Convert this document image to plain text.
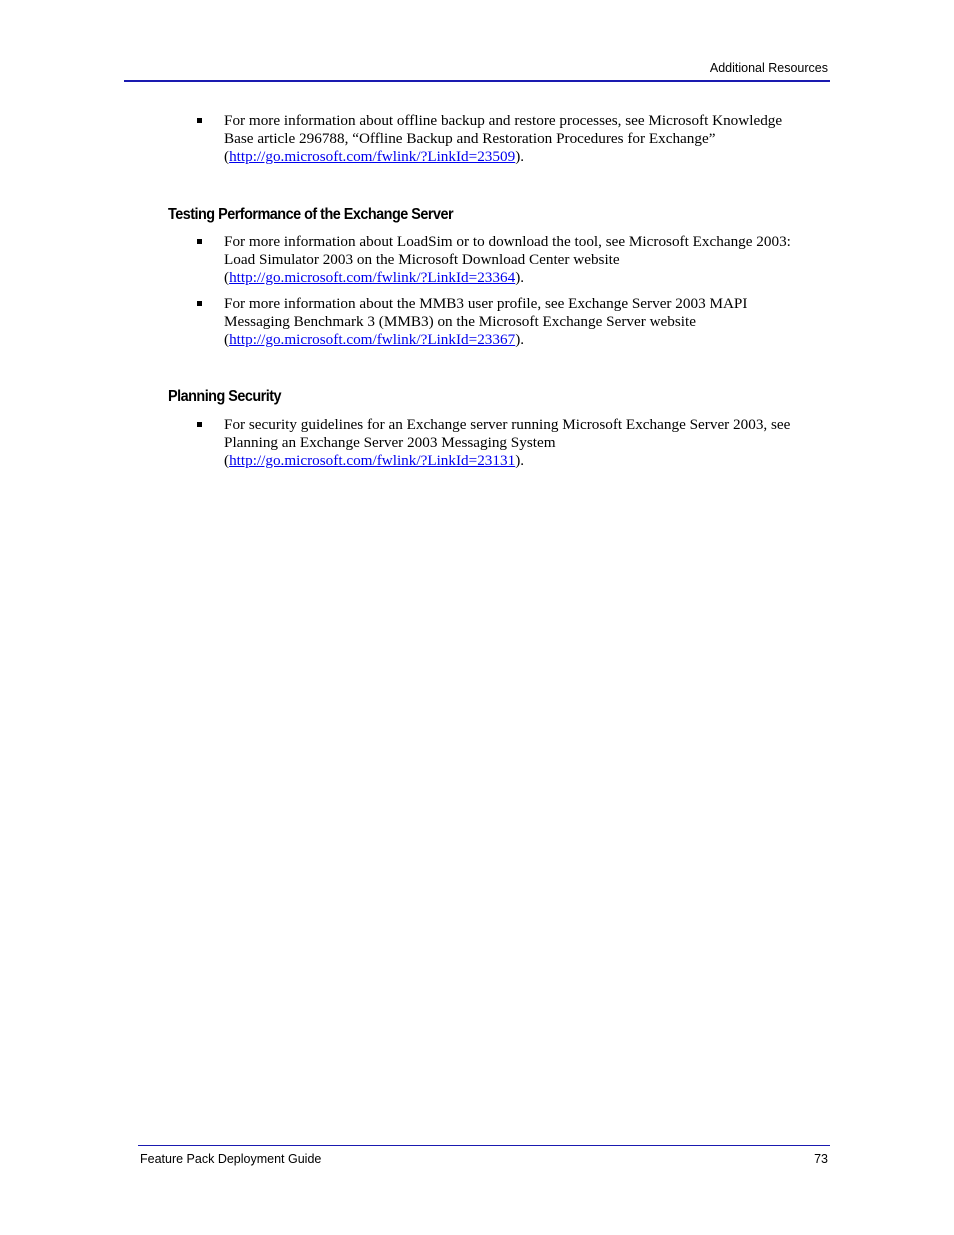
Additional Resources
For more information about offline backup and restore processes, see Microsoft Knowledge
Base article 296788, “Offline Backup and Restoration Procedures for Exchange”
(http://go.microsoft.com/fwlink/?LinkId=23509).
Testing Performance of the Exchange Server
For more information about LoadSim or to download the tool, see Microsoft Exchange 2003:
Load Simulator 2003 on the Microsoft Download Center website
(http://go.microsoft.com/fwlink/?LinkId=23364).
For more information about the MMB3 user profile, see Exchange Server 2003 MAPI
Messaging Benchmark 3 (MMB3) on the Microsoft Exchange Server website
(http://go.microsoft.com/fwlink/?LinkId=23367).
Planning Security
For security guidelines for an Exchange server running Microsoft Exchange Server 2003, see
Planning an Exchange Server 2003 Messaging System
(http://go.microsoft.com/fwlink/?LinkId=23131).
Feature Pack Deployment Guide	73
